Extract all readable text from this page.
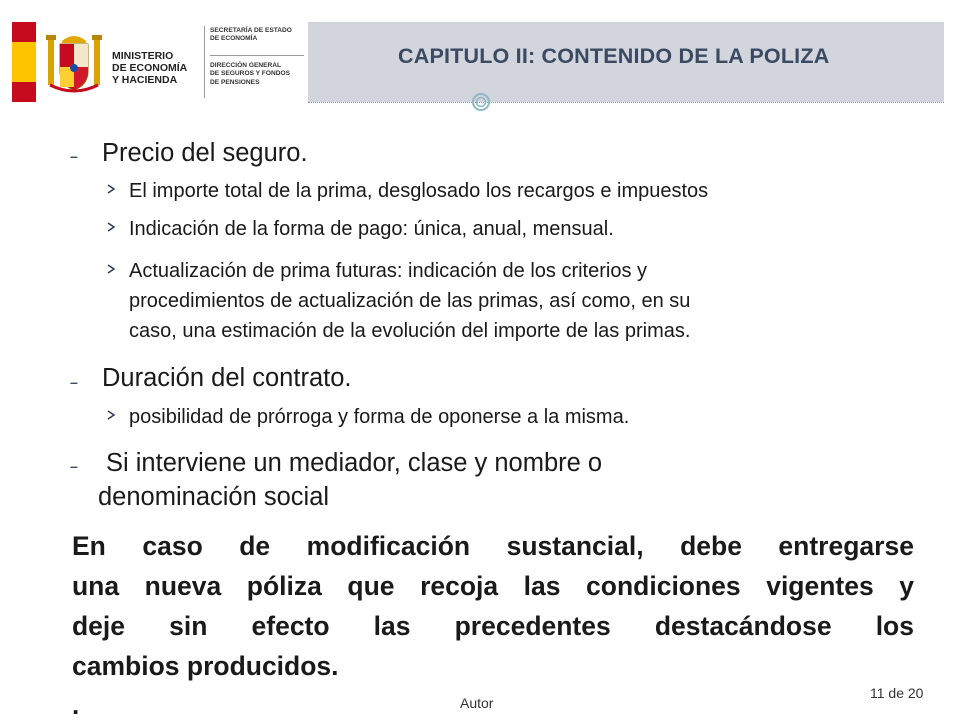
MINISTERIO
DE ECONOMÍA
Y HACIENDA
SECRETARÍA DE ESTADO
DE ECONOMÍA
DIRECCIÓN GENERAL
DE SEGUROS Y FONDOS
DE PENSIONES
CAPITULO II: CONTENIDO DE LA POLIZA
– Precio del seguro.
El importe total de la prima, desglosado los recargos e impuestos
Indicación de la forma de pago: única, anual, mensual.
Actualización de prima futuras: indicación de los criterios y
procedimientos de actualización de las primas, así como, en su
caso, una estimación de la evolución del importe de las primas.
– Duración del contrato.
posibilidad de prórroga y forma de oponerse a la misma.
– Si interviene un mediador, clase y nombre o
denominación social
En caso de modificación sustancial, debe entregarse
una nueva póliza que recoja las condiciones vigentes y
deje sin efecto las precedentes destacándose los
cambios producidos.
.	Autor
11 de 20
